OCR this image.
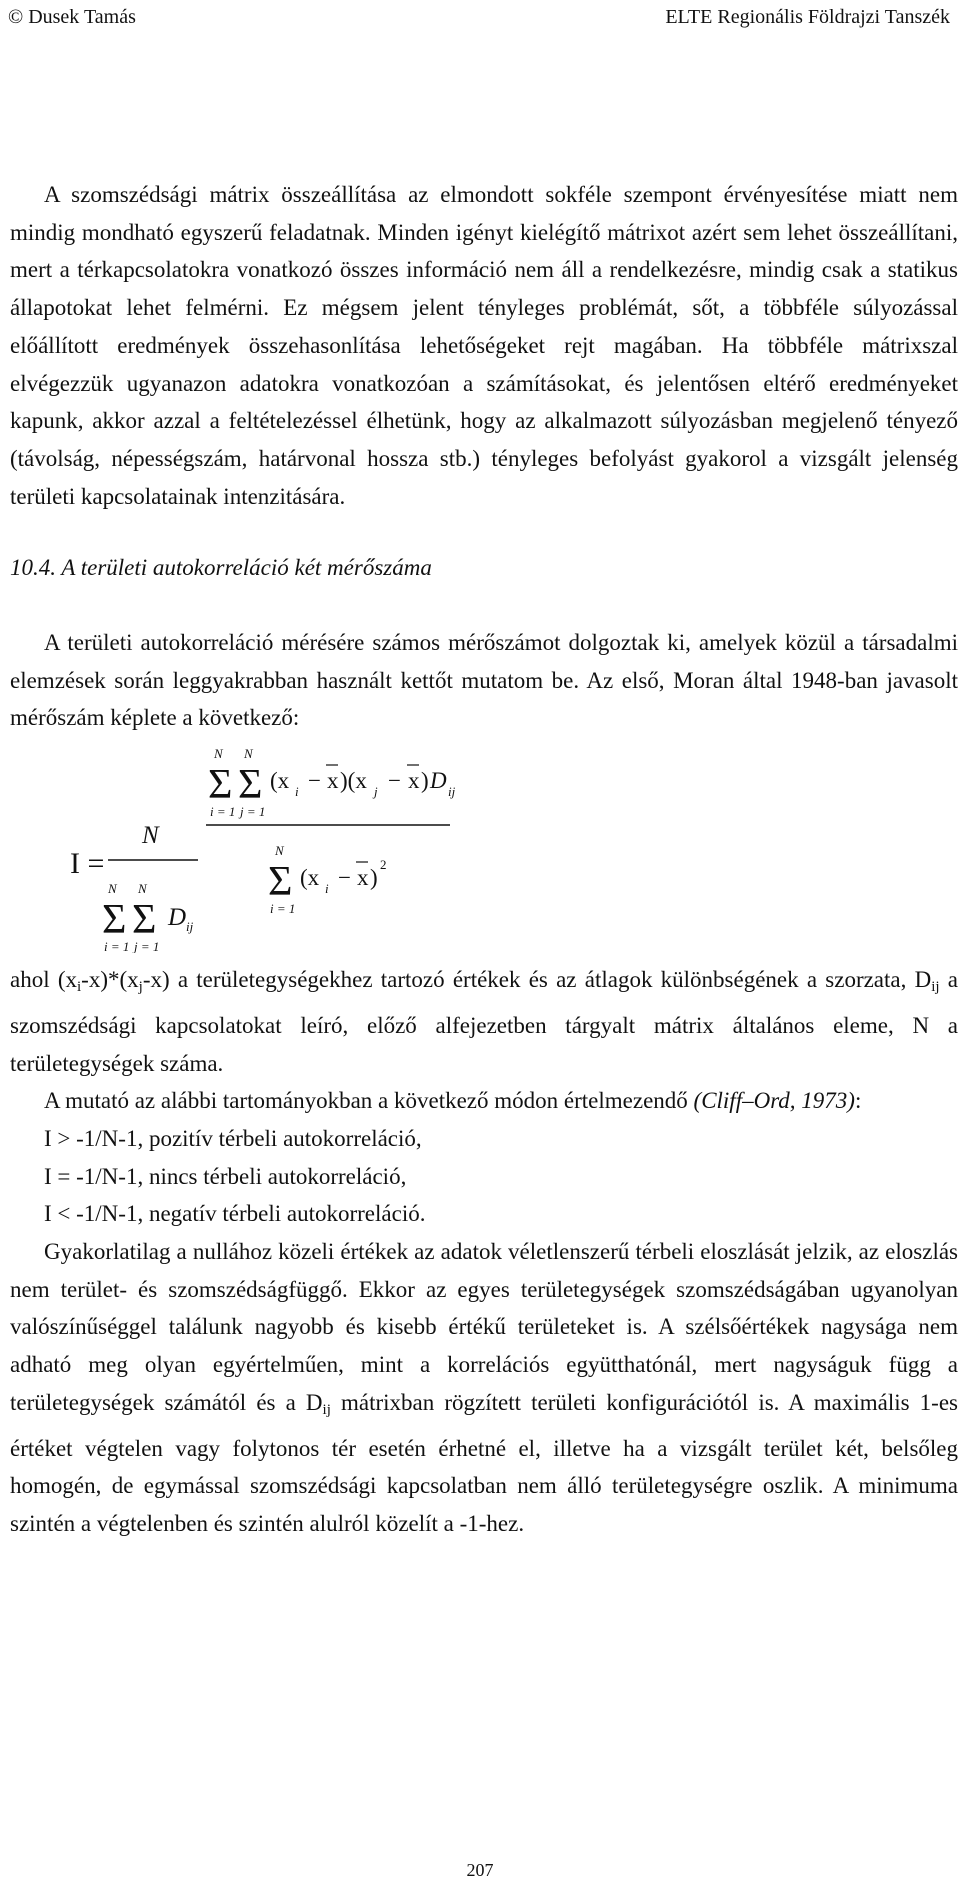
© Dusek Tamás	ELTE Regionális Földrajzi Tanszék

A szomszédsági mátrix összeállítása az elmondott sokféle szempont érvényesítése miatt nem mindig mondható egyszerű feladatnak. Minden igényt kielégítő mátrixot azért sem lehet összeállítani, mert a térkapcsolatokra vonatkozó összes információ nem áll a rendelkezésre, mindig csak a statikus állapotokat lehet felmérni. Ez mégsem jelent tényleges problémát, sőt, a többféle súlyozással előállított eredmények összehasonlítása lehetőségeket rejt magában. Ha többféle mátrixszal elvégezzük ugyanazon adatokra vonatkozóan a számításokat, és jelentősen eltérő eredményeket kapunk, akkor azzal a feltételezéssel élhetünk, hogy az alkalmazott súlyozásban megjelenő tényező (távolság, népességszám, határvonal hossza stb.) tényleges befolyást gyakorol a vizsgált jelenség területi kapcsolatainak intenzitására.

10.4. A területi autokorreláció két mérőszáma

A területi autokorreláció mérésére számos mérőszámot dolgoztak ki, amelyek közül a társadalmi elemzések során leggyakrabban használt kettőt mutatom be. Az első, Moran által 1948-ban javasolt mérőszám képlete a következő:

I =
N
N N
Σ Σ
i = 1 j = 1
D ij
N N
Σ Σ
i = 1 j = 1
(x i − x )(x j − x ) D ij
N
Σ
i = 1
(x i − x )
2

ahol $(x_i-x)*(x_j-x)$ a területegységekhez tartozó értékek és az átlagok különbségének a szorzata, $D_{ij}$ a szomszédsági kapcsolatokat leíró, előző alfejezetben tárgyalt mátrix általános eleme, N a területegységek száma.

A mutató az alábbi tartományokban a következő módon értelmezendő (Cliff–Ord, 1973):

I > -1/N-1, pozitív térbeli autokorreláció,

I = -1/N-1, nincs térbeli autokorreláció,

I < -1/N-1, negatív térbeli autokorreláció.

Gyakorlatilag a nullához közeli értékek az adatok véletlenszerű térbeli eloszlását jelzik, az eloszlás nem terület- és szomszédságfüggő. Ekkor az egyes területegységek szomszédságában ugyanolyan valószínűséggel találunk nagyobb és kisebb értékű területeket is. A szélsőértékek nagysága nem adható meg olyan egyértelműen, mint a korrelációs együtthatónál, mert nagyságuk függ a területegységek számától és a $D_{ij}$ mátrixban rögzített területi konfigurációtól is. A maximális 1-es értéket végtelen vagy folytonos tér esetén érhetné el, illetve ha a vizsgált terület két, belsőleg homogén, de egymással szomszédsági kapcsolatban nem álló területegységre oszlik. A minimuma szintén a végtelenben és szintén alulról közelít a -1-hez.

207
